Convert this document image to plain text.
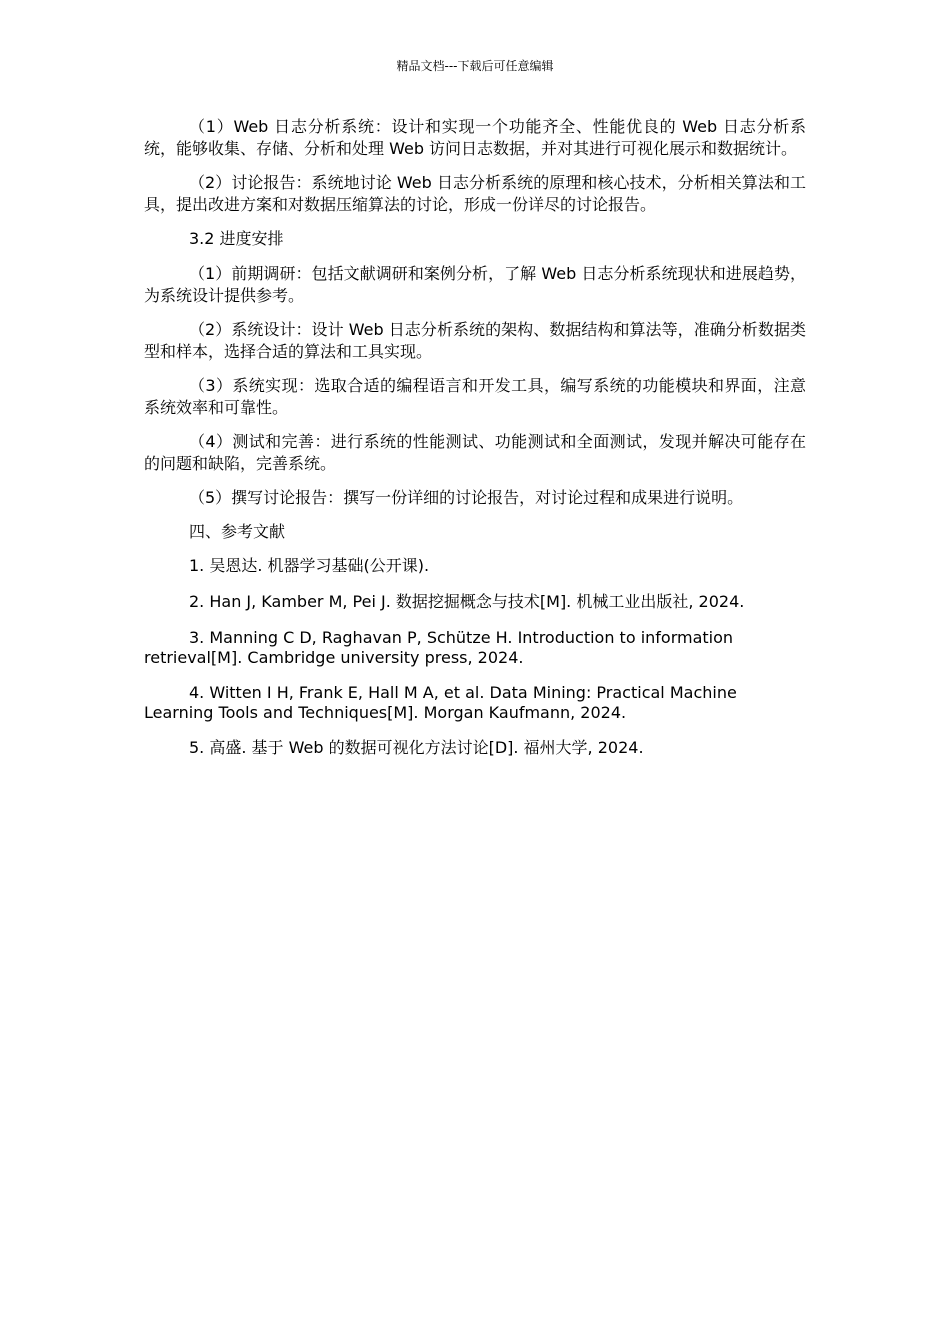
精品文档---下载后可任意编辑

（1）Web 日志分析系统：设计和实现一个功能齐全、性能优良的 Web 日志分析系统，能够收集、存储、分析和处理 Web 访问日志数据，并对其进行可视化展示和数据统计。

（2）讨论报告：系统地讨论 Web 日志分析系统的原理和核心技术，分析相关算法和工具，提出改进方案和对数据压缩算法的讨论，形成一份详尽的讨论报告。

3.2 进度安排

（1）前期调研：包括文献调研和案例分析，了解 Web 日志分析系统现状和进展趋势，为系统设计提供参考。

（2）系统设计：设计 Web 日志分析系统的架构、数据结构和算法等，准确分析数据类型和样本，选择合适的算法和工具实现。

（3）系统实现：选取合适的编程语言和开发工具，编写系统的功能模块和界面，注意系统效率和可靠性。

（4）测试和完善：进行系统的性能测试、功能测试和全面测试，发现并解决可能存在的问题和缺陷，完善系统。

（5）撰写讨论报告：撰写一份详细的讨论报告，对讨论过程和成果进行说明。

四、参考文献

1. 吴恩达. 机器学习基础(公开课).

2. Han J, Kamber M, Pei J. 数据挖掘概念与技术[M]. 机械工业出版社, 2024.

3. Manning C D, Raghavan P, Schütze H. Introduction to information retrieval[M]. Cambridge university press, 2024.

4. Witten I H, Frank E, Hall M A, et al. Data Mining: Practical Machine Learning Tools and Techniques[M]. Morgan Kaufmann, 2024.

5. 高盛. 基于 Web 的数据可视化方法讨论[D]. 福州大学, 2024.
